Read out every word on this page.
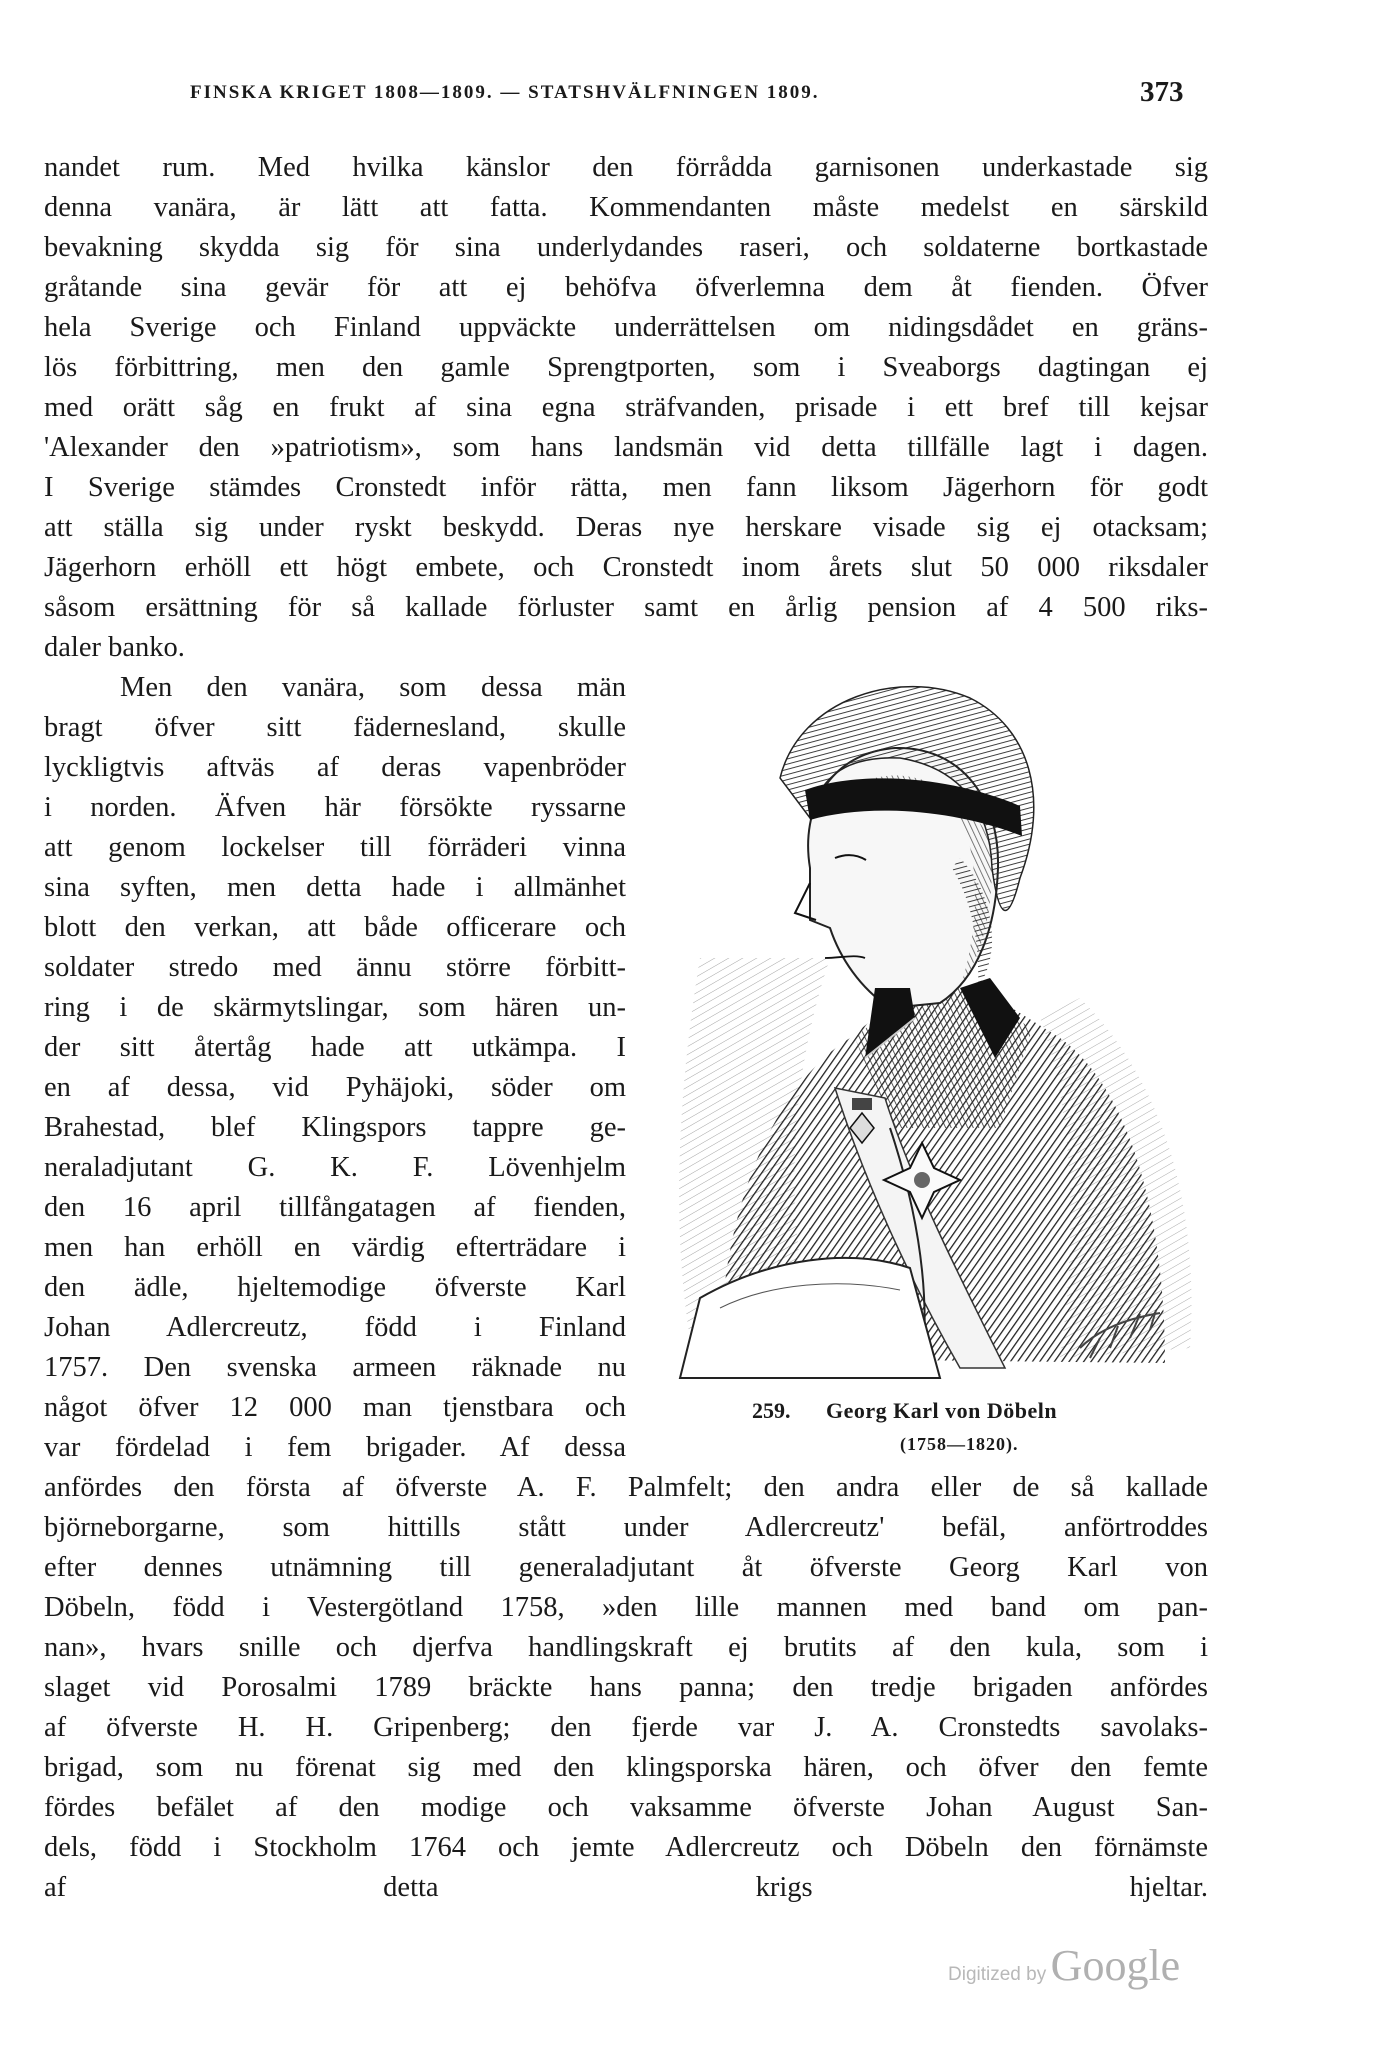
FINSKA KRIGET 1808—1809. — STATSHVÄLFNINGEN 1809.	373
nandet rum. Med hvilka känslor den förrådda garnisonen underkastade sig
denna vanära, är lätt att fatta. Kommendanten måste medelst en särskild
bevakning skydda sig för sina underlydandes raseri, och soldaterne bortkastade
gråtande sina gevär för att ej behöfva öfverlemna dem åt fienden. Öfver
hela Sverige och Finland uppväckte underrättelsen om nidingsdådet en gräns-
lös förbittring, men den gamle Sprengtporten, som i Sveaborgs dagtingan ej
med orätt såg en frukt af sina egna sträfvanden, prisade i ett bref till kejsar
'Alexander den »patriotism», som hans landsmän vid detta tillfälle lagt i dagen.
I Sverige stämdes Cronstedt inför rätta, men fann liksom Jägerhorn för godt
att ställa sig under ryskt beskydd. Deras nye herskare visade sig ej otacksam;
Jägerhorn erhöll ett högt embete, och Cronstedt inom årets slut 50 000 riksdaler
såsom ersättning för så kallade förluster samt en årlig pension af 4 500 riks-
daler banko.
Men den vanära, som dessa män
bragt öfver sitt fädernesland, skulle
lyckligtvis aftväs af deras vapenbröder
i norden. Äfven här försökte ryssarne
att genom lockelser till förräderi vinna
sina syften, men detta hade i allmänhet
blott den verkan, att både officerare och
soldater stredo med ännu större förbitt-
ring i de skärmytslingar, som hären un-
der sitt återtåg hade att utkämpa. I
en af dessa, vid Pyhäjoki, söder om
Brahestad, blef Klingspors tappre ge-
neraladjutant G. K. F. Lövenhjelm
den 16 april tillfångatagen af fienden,
men han erhöll en värdig efterträdare i
den ädle, hjeltemodige öfverste Karl
Johan Adlercreutz, född i Finland
1757. Den svenska armeen räknade nu
något öfver 12 000 man tjenstbara och
var fördelad i fem brigader. Af dessa
anfördes den första af öfverste A. F. Palmfelt; den andra eller de så kallade
björneborgarne, som hittills stått under Adlercreutz' befäl, anförtroddes
efter dennes utnämning till generaladjutant åt öfverste Georg Karl von
Döbeln, född i Vestergötland 1758, »den lille mannen med band om pan-
nan», hvars snille och djerfva handlingskraft ej brutits af den kula, som i
slaget vid Porosalmi 1789 bräckte hans panna; den tredje brigaden anfördes
af öfverste H. H. Gripenberg; den fjerde var J. A. Cronstedts savolaks-
brigad, som nu förenat sig med den klingsporska hären, och öfver den femte
fördes befälet af den modige och vaksamme öfverste Johan August San-
dels, född i Stockholm 1764 och jemte Adlercreutz och Döbeln den förnämste
af detta krigs hjeltar.
259. Georg Karl von Döbeln
(1758—1820).
Digitized by Google
